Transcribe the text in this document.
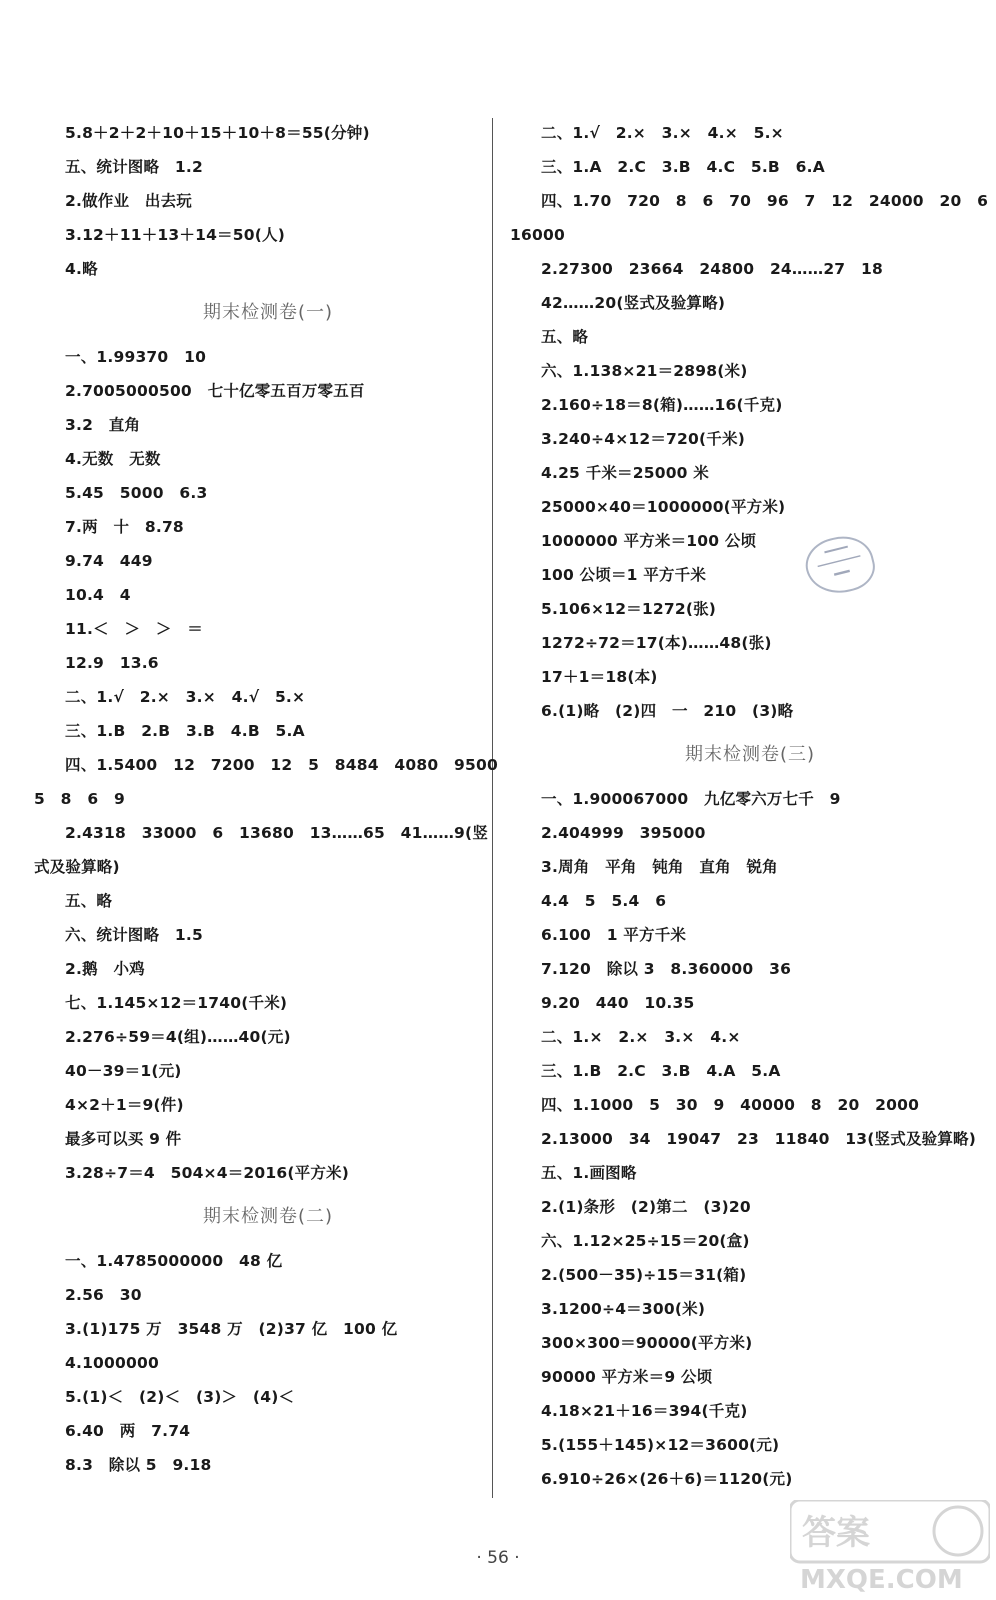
5.8＋2＋2＋10＋15＋10＋8＝55(分钟)
五、统计图略　1.2
2.做作业　出去玩
3.12＋11＋13＋14＝50(人)
4.略
期末检测卷(一)
一、1.99370　10
2.7005000500　七十亿零五百万零五百
3.2　直角
4.无数　无数
5.45　5000　6.3
7.两　十　8.78
9.74　449
10.4　4
11.＜　＞　＞　＝
12.9　13.6
二、1.√　2.×　3.×　4.√　5.×
三、1.B　2.B　3.B　4.B　5.A
四、1.5400　12　7200　12　5　8484　4080　9500
5　8　6　9
2.4318　33000　6　13680　13……65　41……9(竖
式及验算略)
五、略
六、统计图略　1.5
2.鹅　小鸡
七、1.145×12＝1740(千米)
2.276÷59＝4(组)……40(元)
40－39＝1(元)
4×2＋1＝9(件)
最多可以买 9 件
3.28÷7＝4　504×4＝2016(平方米)
期末检测卷(二)
一、1.4785000000　48 亿
2.56　30
3.(1)175 万　3548 万　(2)37 亿　100 亿
4.1000000
5.(1)＜　(2)＜　(3)＞　(4)＜
6.40　两　7.74
8.3　除以 5　9.18
二、1.√　2.×　3.×　4.×　5.×
三、1.A　2.C　3.B　4.C　5.B　6.A
四、1.70　720　8　6　70　96　7　12　24000　20　6
16000
2.27300　23664　24800　24……27　18
42……20(竖式及验算略)
五、略
六、1.138×21＝2898(米)
2.160÷18＝8(箱)……16(千克)
3.240÷4×12＝720(千米)
4.25 千米＝25000 米
25000×40＝1000000(平方米)
1000000 平方米＝100 公顷
100 公顷＝1 平方千米
5.106×12＝1272(张)
1272÷72＝17(本)……48(张)
17＋1＝18(本)
6.(1)略　(2)四　一　210　(3)略
期末检测卷(三)
一、1.900067000　九亿零六万七千　9
2.404999　395000
3.周角　平角　钝角　直角　锐角
4.4　5　5.4　6
6.100　1 平方千米
7.120　除以 3　8.360000　36
9.20　440　10.35
二、1.×　2.×　3.×　4.×
三、1.B　2.C　3.B　4.A　5.A
四、1.1000　5　30　9　40000　8　20　2000
2.13000　34　19047　23　11840　13(竖式及验算略)
五、1.画图略
2.(1)条形　(2)第二　(3)20
六、1.12×25÷15＝20(盒)
2.(500－35)÷15＝31(箱)
3.1200÷4＝300(米)
300×300＝90000(平方米)
90000 平方米＝9 公顷
4.18×21＋16＝394(千克)
5.(155＋145)×12＝3600(元)
6.910÷26×(26＋6)＝1120(元)
· 56 ·
答案
MXQE.COM
